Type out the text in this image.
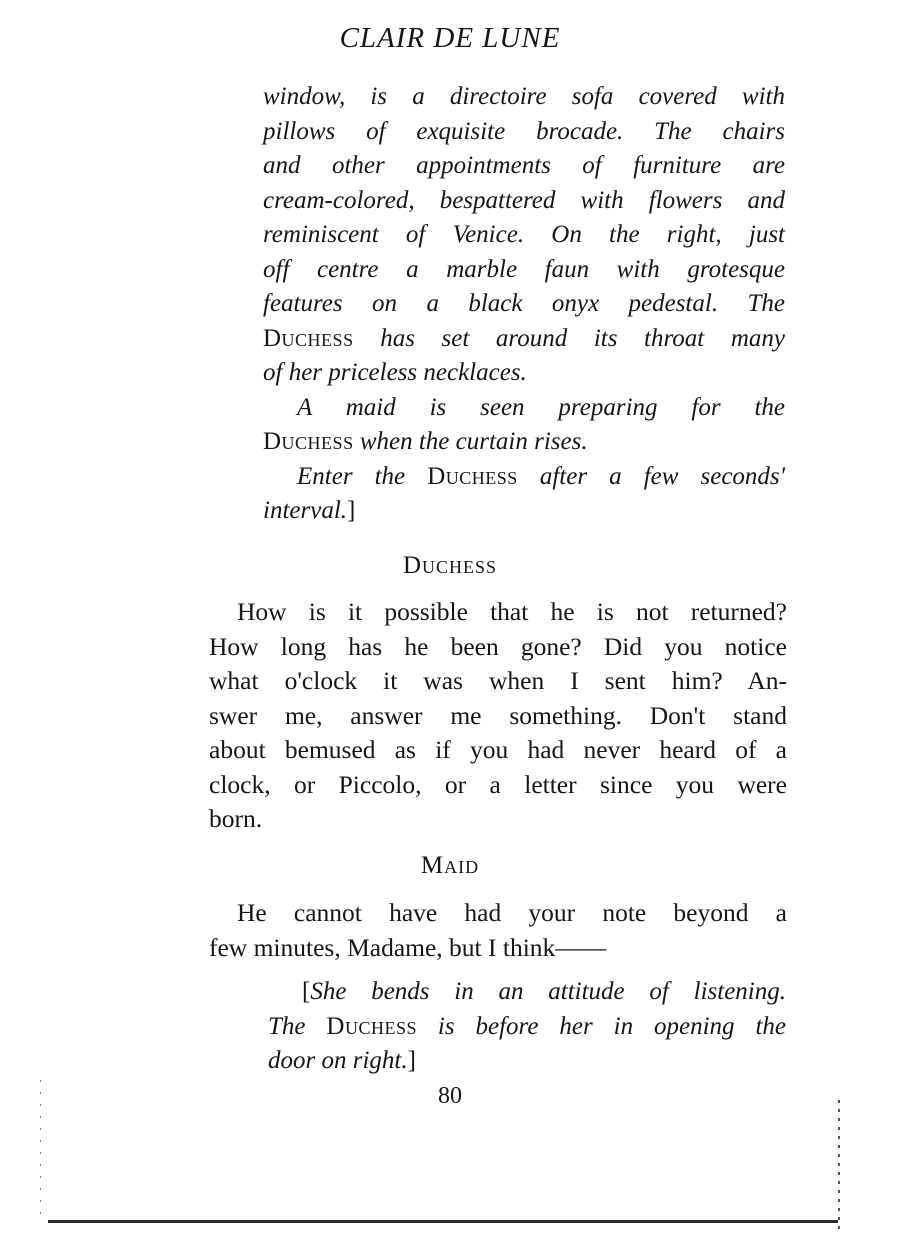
CLAIR DE LUNE
window, is a directoire sofa covered with
pillows of exquisite brocade. The chairs
and other appointments of furniture are
cream-colored, bespattered with flowers and
reminiscent of Venice. On the right, just
off centre a marble faun with grotesque
features on a black onyx pedestal. The
Duchess has set around its throat many
of her priceless necklaces.
A maid is seen preparing for the
Duchess when the curtain rises.
Enter the Duchess after a few seconds'
interval.]
Duchess
How is it possible that he is not returned?
How long has he been gone? Did you notice
what o'clock it was when I sent him? An-
swer me, answer me something. Don't stand
about bemused as if you had never heard of a
clock, or Piccolo, or a letter since you were
born.
Maid
He cannot have had your note beyond a
few minutes, Madame, but I think——
[She bends in an attitude of listening.
The Duchess is before her in opening the
door on right.]
80
